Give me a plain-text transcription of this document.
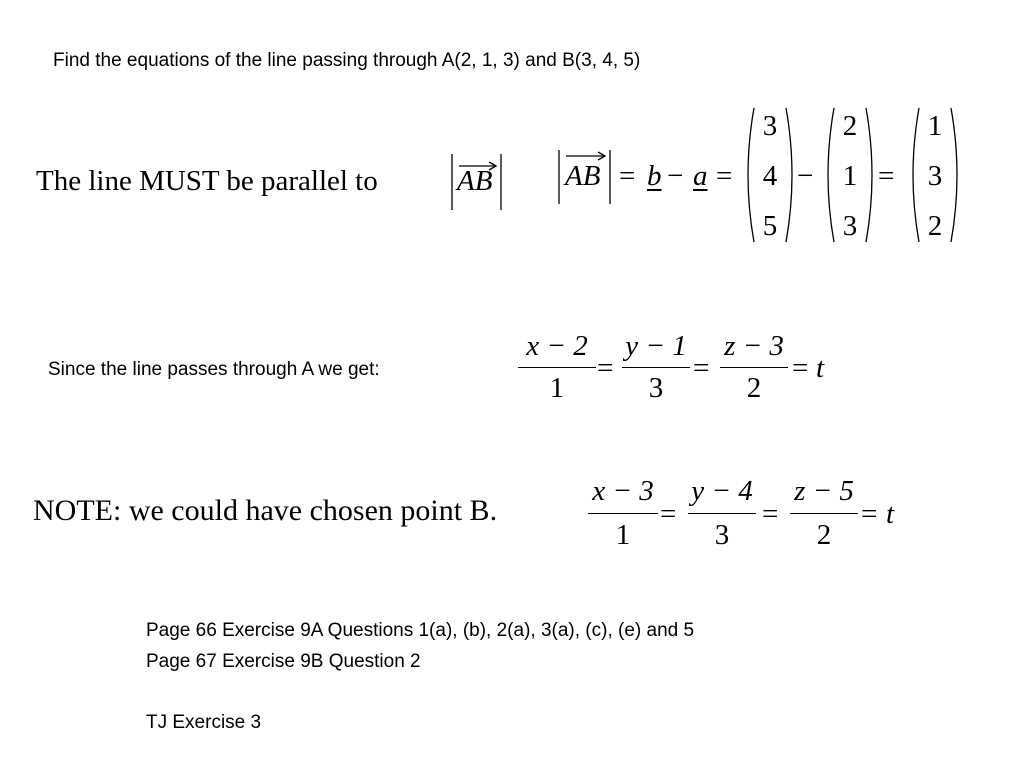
Find the equations of the line passing through A(2, 1, 3) and B(3, 4, 5)
The line MUST be parallel to	AB	AB = b − a =
3
4
5
−
2
1
3
=
1
3
2
Since the line passes through A we get:
x − 2
1
=
y − 1
3
=
z − 3
2
= t
NOTE: we could have chosen point B.
x − 3
1
=
y − 4
3
=
z − 5
2
= t
Page 66 Exercise 9A Questions 1(a), (b), 2(a), 3(a), (c), (e) and 5
Page 67 Exercise 9B Question 2
TJ Exercise 3
